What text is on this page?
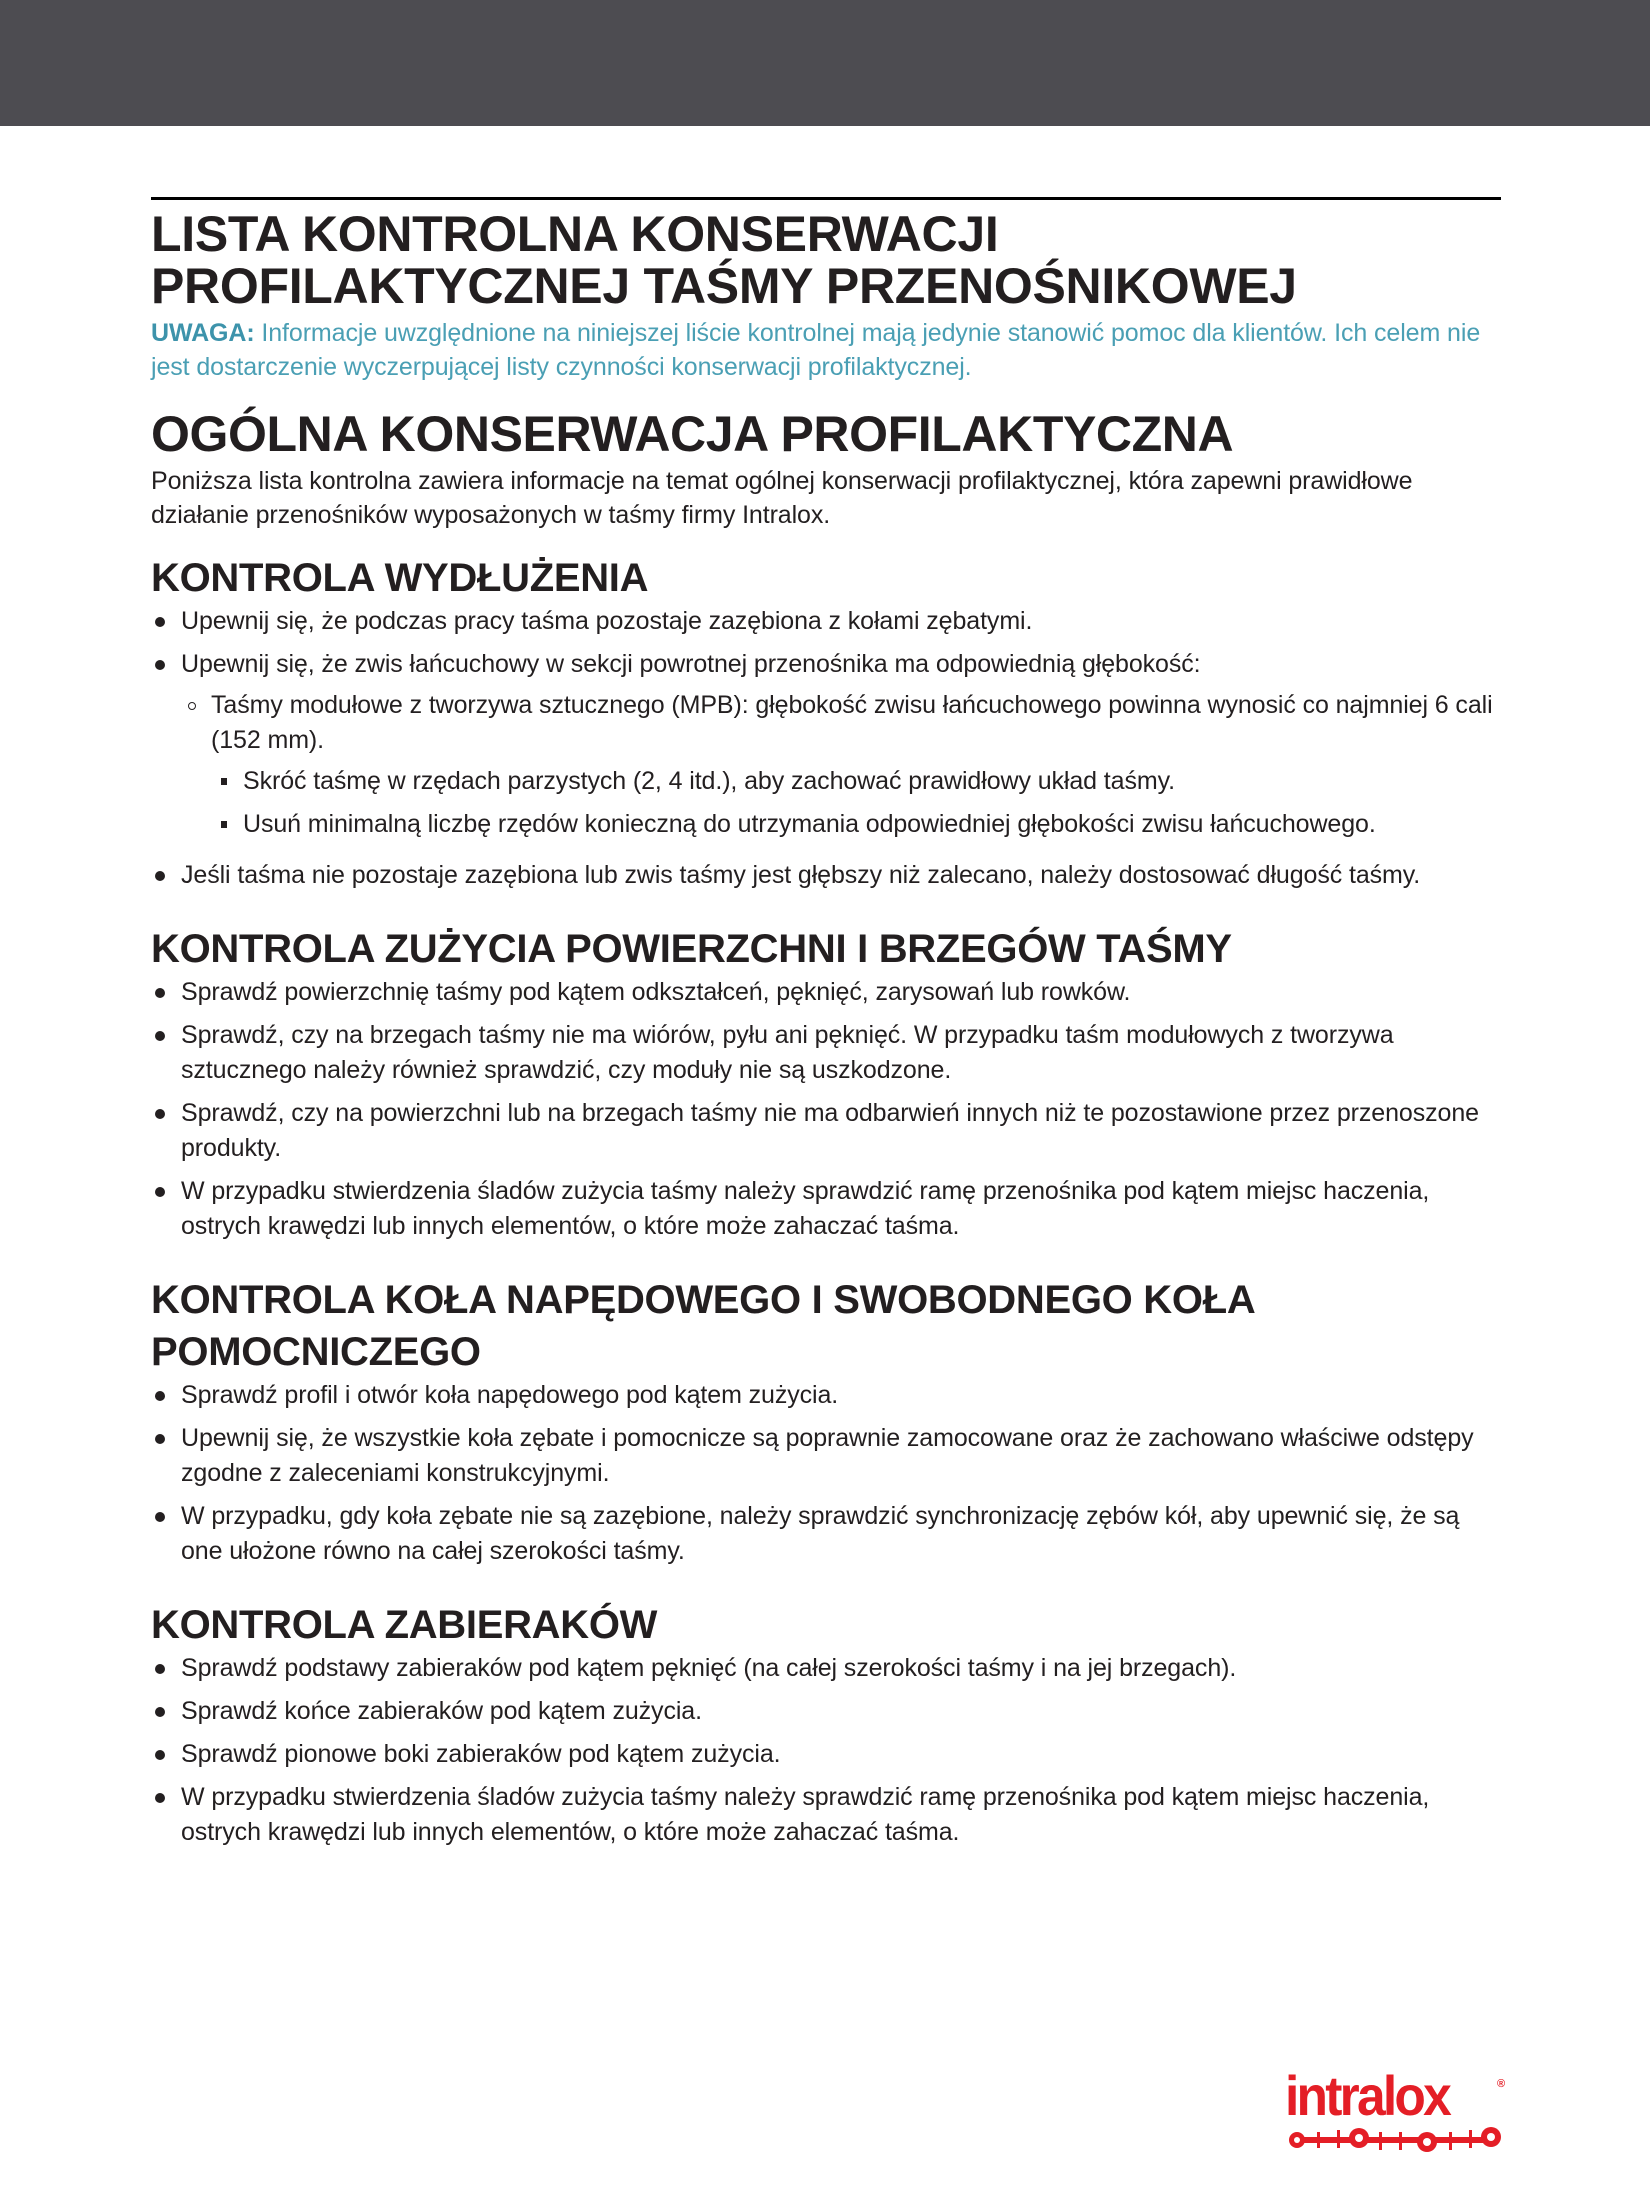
LISTA KONTROLNA KONSERWACJI
PROFILAKTYCZNEJ TAŚMY PRZENOŚNIKOWEJ

UWAGA: Informacje uwzględnione na niniejszej liście kontrolnej mają jedynie stanowić pomoc dla klientów. Ich celem nie jest dostarczenie wyczerpującej listy czynności konserwacji profilaktycznej.

OGÓLNA KONSERWACJA PROFILAKTYCZNA

Poniższa lista kontrolna zawiera informacje na temat ogólnej konserwacji profilaktycznej, która zapewni prawidłowe działanie przenośników wyposażonych w taśmy firmy Intralox.

KONTROLA WYDŁUŻENIA
Upewnij się, że podczas pracy taśma pozostaje zazębiona z kołami zębatymi.
Upewnij się, że zwis łańcuchowy w sekcji powrotnej przenośnika ma odpowiednią głębokość:
Taśmy modułowe z tworzywa sztucznego (MPB): głębokość zwisu łańcuchowego powinna wynosić co najmniej 6 cali (152 mm).
Skróć taśmę w rzędach parzystych (2, 4 itd.), aby zachować prawidłowy układ taśmy.
Usuń minimalną liczbę rzędów konieczną do utrzymania odpowiedniej głębokości zwisu łańcuchowego.
Jeśli taśma nie pozostaje zazębiona lub zwis taśmy jest głębszy niż zalecano, należy dostosować długość taśmy.
KONTROLA ZUŻYCIA POWIERZCHNI I BRZEGÓW TAŚMY
Sprawdź powierzchnię taśmy pod kątem odkształceń, pęknięć, zarysowań lub rowków.
Sprawdź, czy na brzegach taśmy nie ma wiórów, pyłu ani pęknięć. W przypadku taśm modułowych z tworzywa sztucznego należy również sprawdzić, czy moduły nie są uszkodzone.
Sprawdź, czy na powierzchni lub na brzegach taśmy nie ma odbarwień innych niż te pozostawione przez przenoszone produkty.
W przypadku stwierdzenia śladów zużycia taśmy należy sprawdzić ramę przenośnika pod kątem miejsc haczenia, ostrych krawędzi lub innych elementów, o które może zahaczać taśma.
KONTROLA KOŁA NAPĘDOWEGO I SWOBODNEGO KOŁA POMOCNICZEGO
Sprawdź profil i otwór koła napędowego pod kątem zużycia.
Upewnij się, że wszystkie koła zębate i pomocnicze są poprawnie zamocowane oraz że zachowano właściwe odstępy zgodne z zaleceniami konstrukcyjnymi.
W przypadku, gdy koła zębate nie są zazębione, należy sprawdzić synchronizację zębów kół, aby upewnić się, że są one ułożone równo na całej szerokości taśmy.
KONTROLA ZABIERAKÓW
Sprawdź podstawy zabieraków pod kątem pęknięć (na całej szerokości taśmy i na jej brzegach).
Sprawdź końce zabieraków pod kątem zużycia.
Sprawdź pionowe boki zabieraków pod kątem zużycia.
W przypadku stwierdzenia śladów zużycia taśmy należy sprawdzić ramę przenośnika pod kątem miejsc haczenia, ostrych krawędzi lub innych elementów, o które może zahaczać taśma.
intralox	®
